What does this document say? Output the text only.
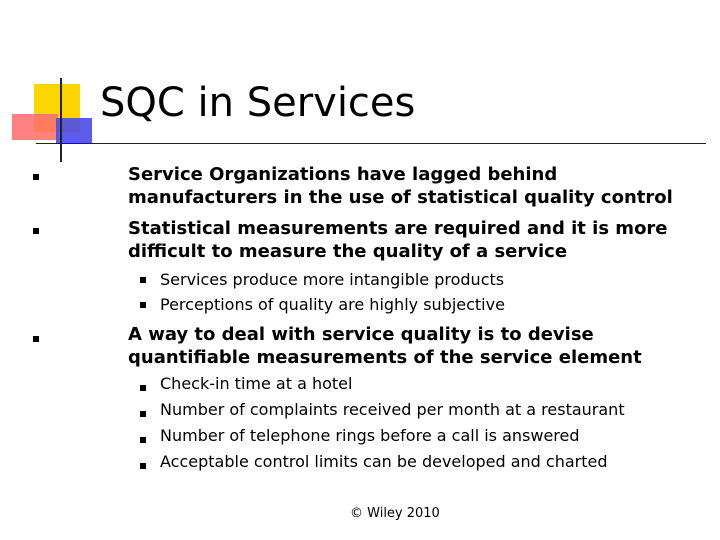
SQC in Services
Service Organizations have lagged behind
manufacturers in the use of statistical quality control
Statistical measurements are required and it is more
difficult to measure the quality of a service
Services produce more intangible products
Perceptions of quality are highly subjective
A way to deal with service quality is to devise
quantifiable measurements of the service element
Check-in time at a hotel
Number of complaints received per month at a restaurant
Number of telephone rings before a call is answered
Acceptable control limits can be developed and charted
© Wiley 2010
